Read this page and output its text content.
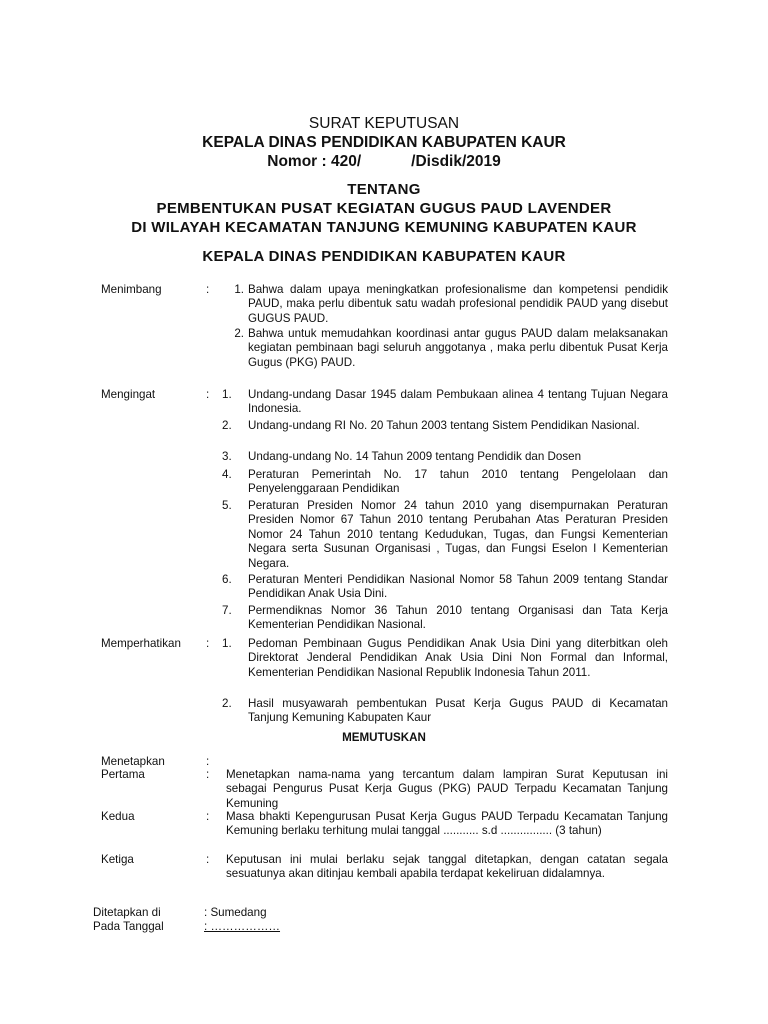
SURAT KEPUTUSAN
KEPALA DINAS PENDIDIKAN KABUPATEN KAUR
Nomor : 420/	/Disdik/2019
TENTANG
PEMBENTUKAN PUSAT KEGIATAN GUGUS PAUD LAVENDER
DI WILAYAH KECAMATAN TANJUNG KEMUNING KABUPATEN KAUR
KEPALA DINAS PENDIDIKAN KABUPATEN KAUR
Menimbang	:	1. Bahwa dalam upaya meningkatkan profesionalisme dan kompetensi pendidik PAUD, maka perlu dibentuk satu wadah profesional pendidik PAUD yang disebut GUGUS PAUD.
2. Bahwa untuk memudahkan koordinasi antar gugus PAUD dalam melaksanakan kegiatan pembinaan bagi seluruh anggotanya , maka perlu dibentuk Pusat Kerja Gugus (PKG) PAUD.
Mengingat	: 1.	Undang-undang Dasar 1945 dalam Pembukaan alinea 4 tentang Tujuan Negara Indonesia.
2.	Undang-undang RI No. 20 Tahun 2003 tentang Sistem Pendidikan Nasional.
3.	Undang-undang No. 14 Tahun 2009 tentang Pendidik dan Dosen
4.	Peraturan Pemerintah No. 17 tahun 2010 tentang Pengelolaan dan Penyelenggaraan Pendidikan
5.	Peraturan Presiden Nomor 24 tahun 2010 yang disempurnakan Peraturan Presiden Nomor 67 Tahun 2010 tentang Perubahan Atas Peraturan Presiden Nomor 24 Tahun 2010 tentang Kedudukan, Tugas, dan Fungsi Kementerian Negara serta Susunan Organisasi , Tugas, dan Fungsi Eselon I Kementerian Negara.
6.	Peraturan Menteri Pendidikan Nasional Nomor 58 Tahun 2009 tentang Standar Pendidikan Anak Usia Dini.
7.	Permendiknas Nomor 36 Tahun 2010 tentang Organisasi dan Tata Kerja Kementerian Pendidikan Nasional.
Memperhatikan : 1.	Pedoman Pembinaan Gugus Pendidikan Anak Usia Dini yang diterbitkan oleh Direktorat Jenderal Pendidikan Anak Usia Dini Non Formal dan Informal, Kementerian Pendidikan Nasional Republik Indonesia Tahun 2011.
2.	Hasil musyawarah pembentukan Pusat Kerja Gugus PAUD di Kecamatan Tanjung Kemuning Kabupaten Kaur
MEMUTUSKAN
Menetapkan	:
Pertama	: Menetapkan nama-nama yang tercantum dalam lampiran Surat Keputusan ini sebagai Pengurus Pusat Kerja Gugus (PKG) PAUD Terpadu Kecamatan Tanjung Kemuning
Kedua	: Masa bhakti Kepengurusan Pusat Kerja Gugus PAUD Terpadu Kecamatan Tanjung Kemuning berlaku terhitung mulai tanggal ........... s.d ................ (3 tahun)
Ketiga	: Keputusan ini mulai berlaku sejak tanggal ditetapkan, dengan catatan segala sesuatunya akan ditinjau kembali apabila terdapat kekeliruan didalamnya.
Ditetapkan di	: Sumedang
Pada Tanggal	: ………………
